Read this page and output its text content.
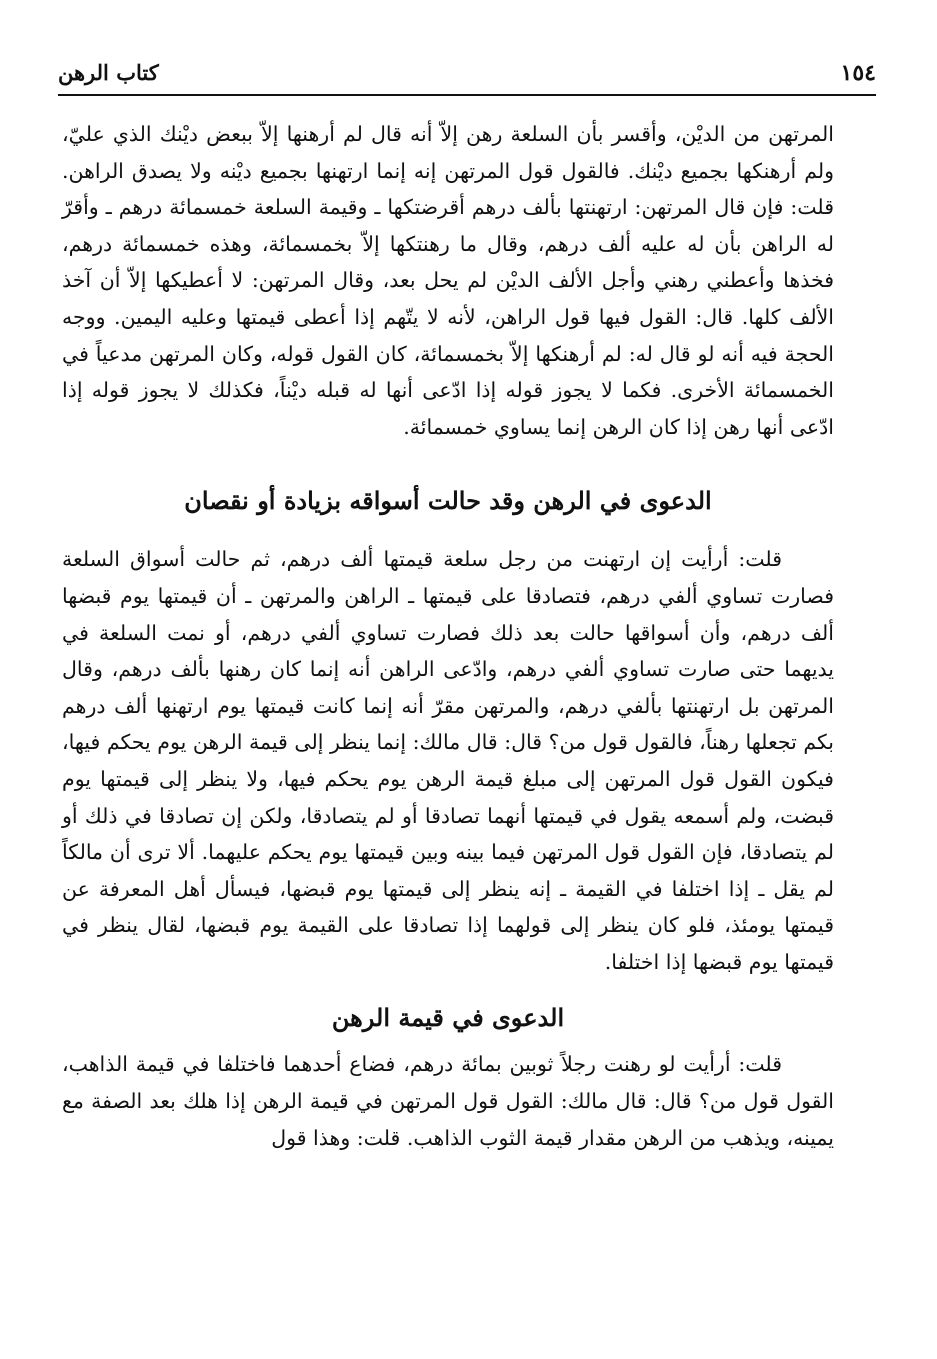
١٥٤
كتاب الرهن

المرتهن من الديْن، وأقسر بأن السلعة رهن إلاّ أنه قال لم أرهنها إلاّ ببعض ديْنك الذي عليّ، ولم أرهنكها بجميع ديْنك. فالقول قول المرتهن إنه إنما ارتهنها بجميع ديْنه ولا يصدق الراهن. قلت: فإن قال المرتهن: ارتهنتها بألف درهم أقرضتكها ـ وقيمة السلعة خمسمائة درهم ـ وأقرّ له الراهن بأن له عليه ألف درهم، وقال ما رهنتكها إلاّ بخمسمائة، وهذه خمسمائة درهم، فخذها وأعطني رهني وأجل الألف الديْن لم يحل بعد، وقال المرتهن: لا أعطيكها إلاّ أن آخذ الألف كلها. قال: القول فيها قول الراهن، لأنه لا يتّهم إذا أعطى قيمتها وعليه اليمين. ووجه الحجة فيه أنه لو قال له: لم أرهنكها إلاّ بخمسمائة، كان القول قوله، وكان المرتهن مدعياً في الخمسمائة الأخرى. فكما لا يجوز قوله إذا ادّعى أنها له قبله ديْناً، فكذلك لا يجوز قوله إذا ادّعى أنها رهن إذا كان الرهن إنما يساوي خمسمائة.

الدعوى في الرهن وقد حالت أسواقه بزيادة أو نقصان

قلت: أرأيت إن ارتهنت من رجل سلعة قيمتها ألف درهم، ثم حالت أسواق السلعة فصارت تساوي ألفي درهم، فتصادقا على قيمتها ـ الراهن والمرتهن ـ أن قيمتها يوم قبضها ألف درهم، وأن أسواقها حالت بعد ذلك فصارت تساوي ألفي درهم، أو نمت السلعة في يديهما حتى صارت تساوي ألفي درهم، وادّعى الراهن أنه إنما كان رهنها بألف درهم، وقال المرتهن بل ارتهنتها بألفي درهم، والمرتهن مقرّ أنه إنما كانت قيمتها يوم ارتهنها ألف درهم بكم تجعلها رهناً، فالقول قول من؟ قال: قال مالك: إنما ينظر إلى قيمة الرهن يوم يحكم فيها، فيكون القول قول المرتهن إلى مبلغ قيمة الرهن يوم يحكم فيها، ولا ينظر إلى قيمتها يوم قبضت، ولم أسمعه يقول في قيمتها أنهما تصادقا أو لم يتصادقا، ولكن إن تصادقا في ذلك أو لم يتصادقا، فإن القول قول المرتهن فيما بينه وبين قيمتها يوم يحكم عليهما. ألا ترى أن مالكاً لم يقل ـ إذا اختلفا في القيمة ـ إنه ينظر إلى قيمتها يوم قبضها، فيسأل أهل المعرفة عن قيمتها يومئذ، فلو كان ينظر إلى قولهما إذا تصادقا على القيمة يوم قبضها، لقال ينظر في قيمتها يوم قبضها إذا اختلفا.

الدعوى في قيمة الرهن

قلت: أرأيت لو رهنت رجلاً ثوبين بمائة درهم، فضاع أحدهما فاختلفا في قيمة الذاهب، القول قول من؟ قال: قال مالك: القول قول المرتهن في قيمة الرهن إذا هلك بعد الصفة مع يمينه، ويذهب من الرهن مقدار قيمة الثوب الذاهب. قلت: وهذا قول
